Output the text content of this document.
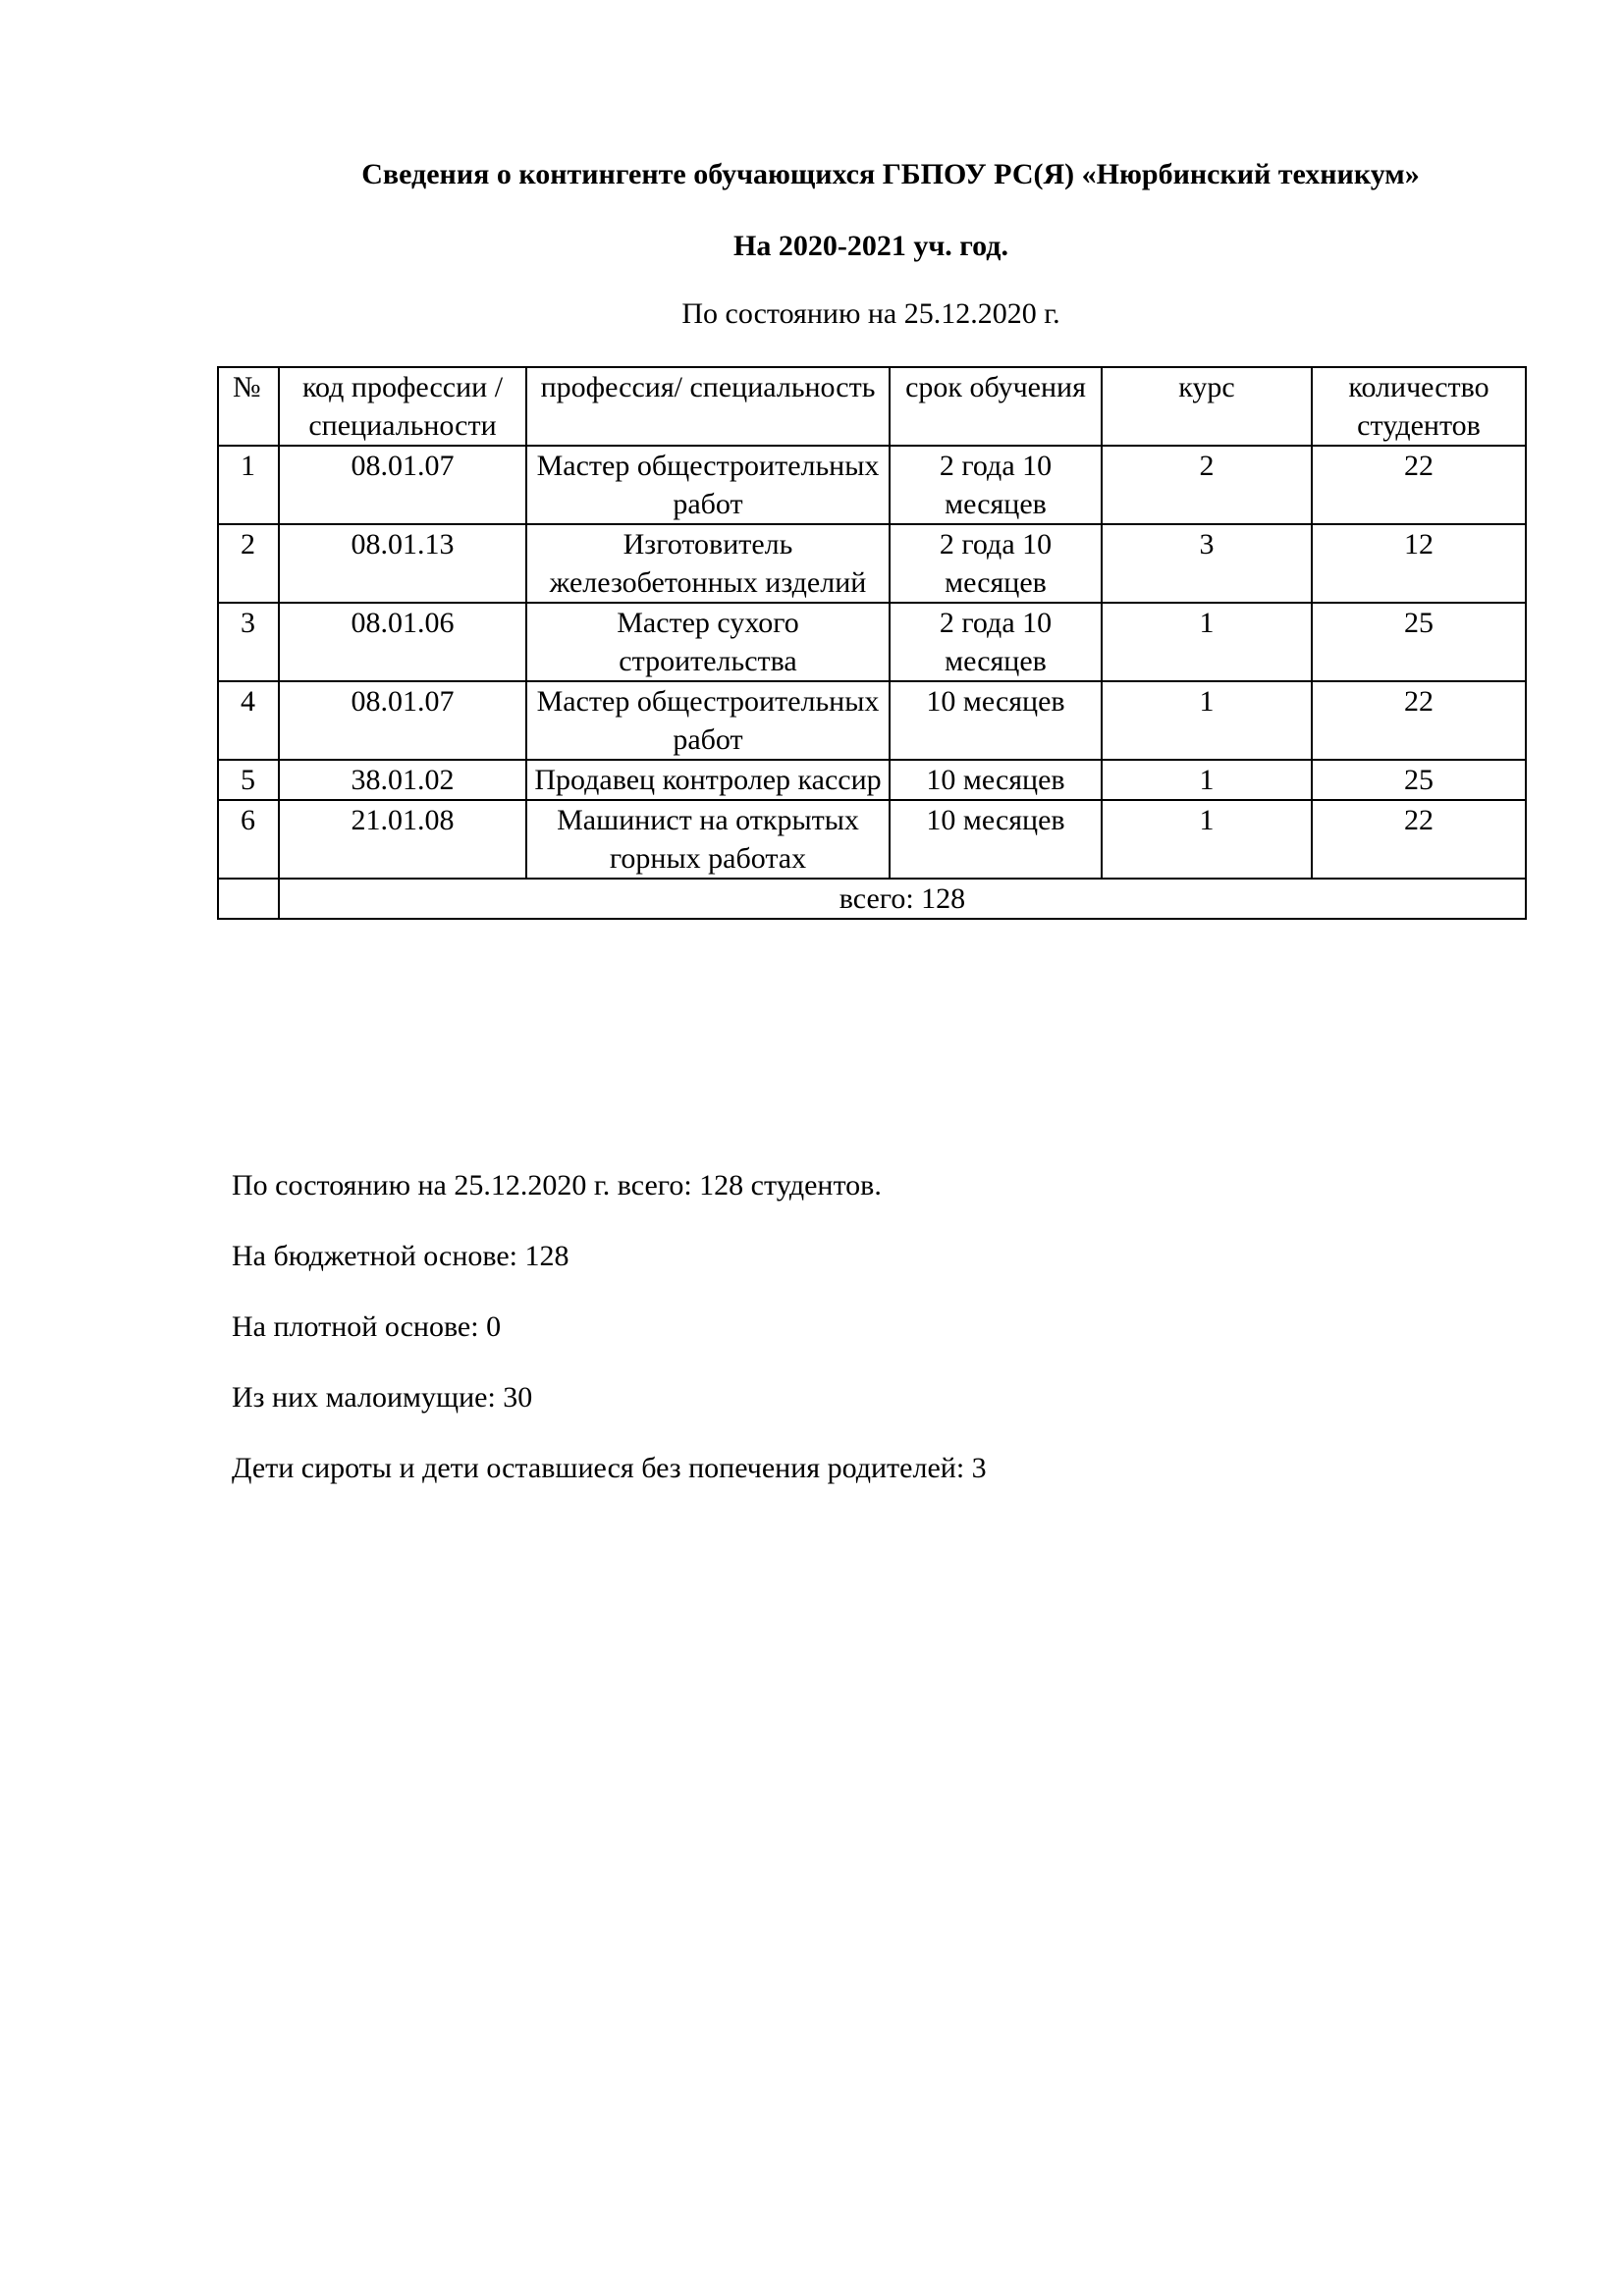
Сведения о контингенте обучающихся ГБПОУ РС(Я) «Нюрбинский техникум»
На 2020-2021 уч. год.

По состоянию на 25.12.2020 г.

№	код профессии /специальности	профессия/ специальность	срок обучения	курс	количество студентов
1	08.01.07	Мастер общестроительных работ	2 года 10 месяцев	2	22
2	08.01.13	Изготовитель железобетонных изделий	2 года 10 месяцев	3	12
3	08.01.06	Мастер сухого строительства	2 года 10 месяцев	1	25
4	08.01.07	Мастер общестроительных работ	10 месяцев	1	22
5	38.01.02	Продавец контролер кассир	10 месяцев	1	25
6	21.01.08	Машинист на открытых горных работах	10 месяцев	1	22
	всего: 128				

По состоянию на 25.12.2020 г. всего: 128 студентов.

На бюджетной основе: 128

На плотной основе: 0

Из них малоимущие: 30

Дети сироты и дети оставшиеся без попечения родителей: 3
